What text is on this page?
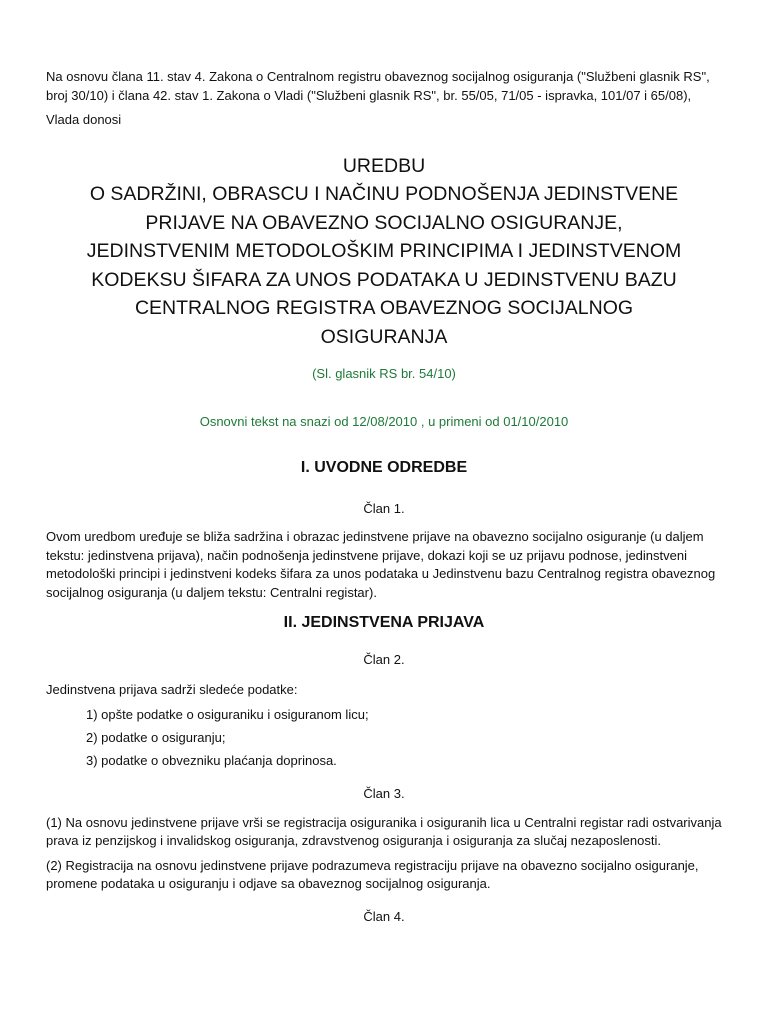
Na osnovu člana 11. stav 4. Zakona o Centralnom registru obaveznog socijalnog osiguranja ("Službeni glasnik RS", broj 30/10) i člana 42. stav 1. Zakona o Vladi ("Službeni glasnik RS", br. 55/05, 71/05 - ispravka, 101/07 i 65/08),

Vlada donosi

UREDBU
O SADRŽINI, OBRASCU I NAČINU PODNOŠENJA JEDINSTVENE
PRIJAVE NA OBAVEZNO SOCIJALNO OSIGURANJE,
JEDINSTVENIM METODOLOŠKIM PRINCIPIMA I JEDINSTVENOM
KODEKSU ŠIFARA ZA UNOS PODATAKA U JEDINSTVENU BAZU
CENTRALNOG REGISTRA OBAVEZNOG SOCIJALNOG
OSIGURANJA
(Sl. glasnik RS br. 54/10)
Osnovni tekst na snazi od 12/08/2010 , u primeni od 01/10/2010
I. UVODNE ODREDBE
Član 1.

Ovom uredbom uređuje se bliža sadržina i obrazac jedinstvene prijave na obavezno socijalno osiguranje (u daljem tekstu: jedinstvena prijava), način podnošenja jedinstvene prijave, dokazi koji se uz prijavu podnose, jedinstveni metodološki principi i jedinstveni kodeks šifara za unos podataka u Jedinstvenu bazu Centralnog registra obaveznog socijalnog osiguranja (u daljem tekstu: Centralni registar).

II. JEDINSTVENA PRIJAVA
Član 2.

Jedinstvena prijava sadrži sledeće podatke:

1) opšte podatke o osiguraniku i osiguranom licu;

2) podatke o osiguranju;

3) podatke o obvezniku plaćanja doprinosa.

Član 3.

(1) Na osnovu jedinstvene prijave vrši se registracija osiguranika i osiguranih lica u Centralni registar radi ostvarivanja prava iz penzijskog i invalidskog osiguranja, zdravstvenog osiguranja i osiguranja za slučaj nezaposlenosti.

(2) Registracija na osnovu jedinstvene prijave podrazumeva registraciju prijave na obavezno socijalno osiguranje, promene podataka u osiguranju i odjave sa obaveznog socijalnog osiguranja.

Član 4.
